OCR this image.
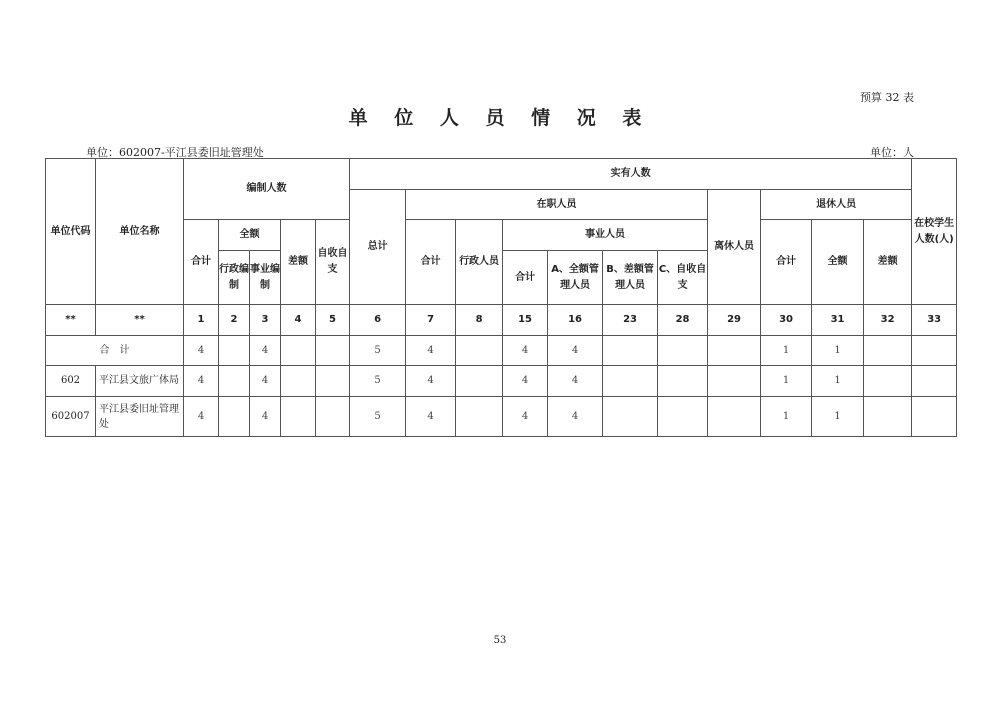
预算 32 表
单 位 人 员 情 况 表
单位：602007-平江县委旧址管理处	单位：人
单位代码	单位名称	编制人数					实有人数											在校学生人数(人)
							总计	在职人员						离休人员	退休人员			
		合计	全额		差额	自收自支		合计	行政人员	事业人员					合计	全额	差额	
			行政编制	事业编制						合计	A、全额管理人员	B、差额管理人员	C、自收自支					
**	**	1	2	3	4	5	6	7	8	15	16	23	28	29	30	31	32	33
合　计		4		4			5	4		4	4				1	1		
602	平江县文旅广体局	4		4			5	4		4	4				1	1		
602007	平江县委旧址管理处	4		4			5	4		4	4				1	1		
53
